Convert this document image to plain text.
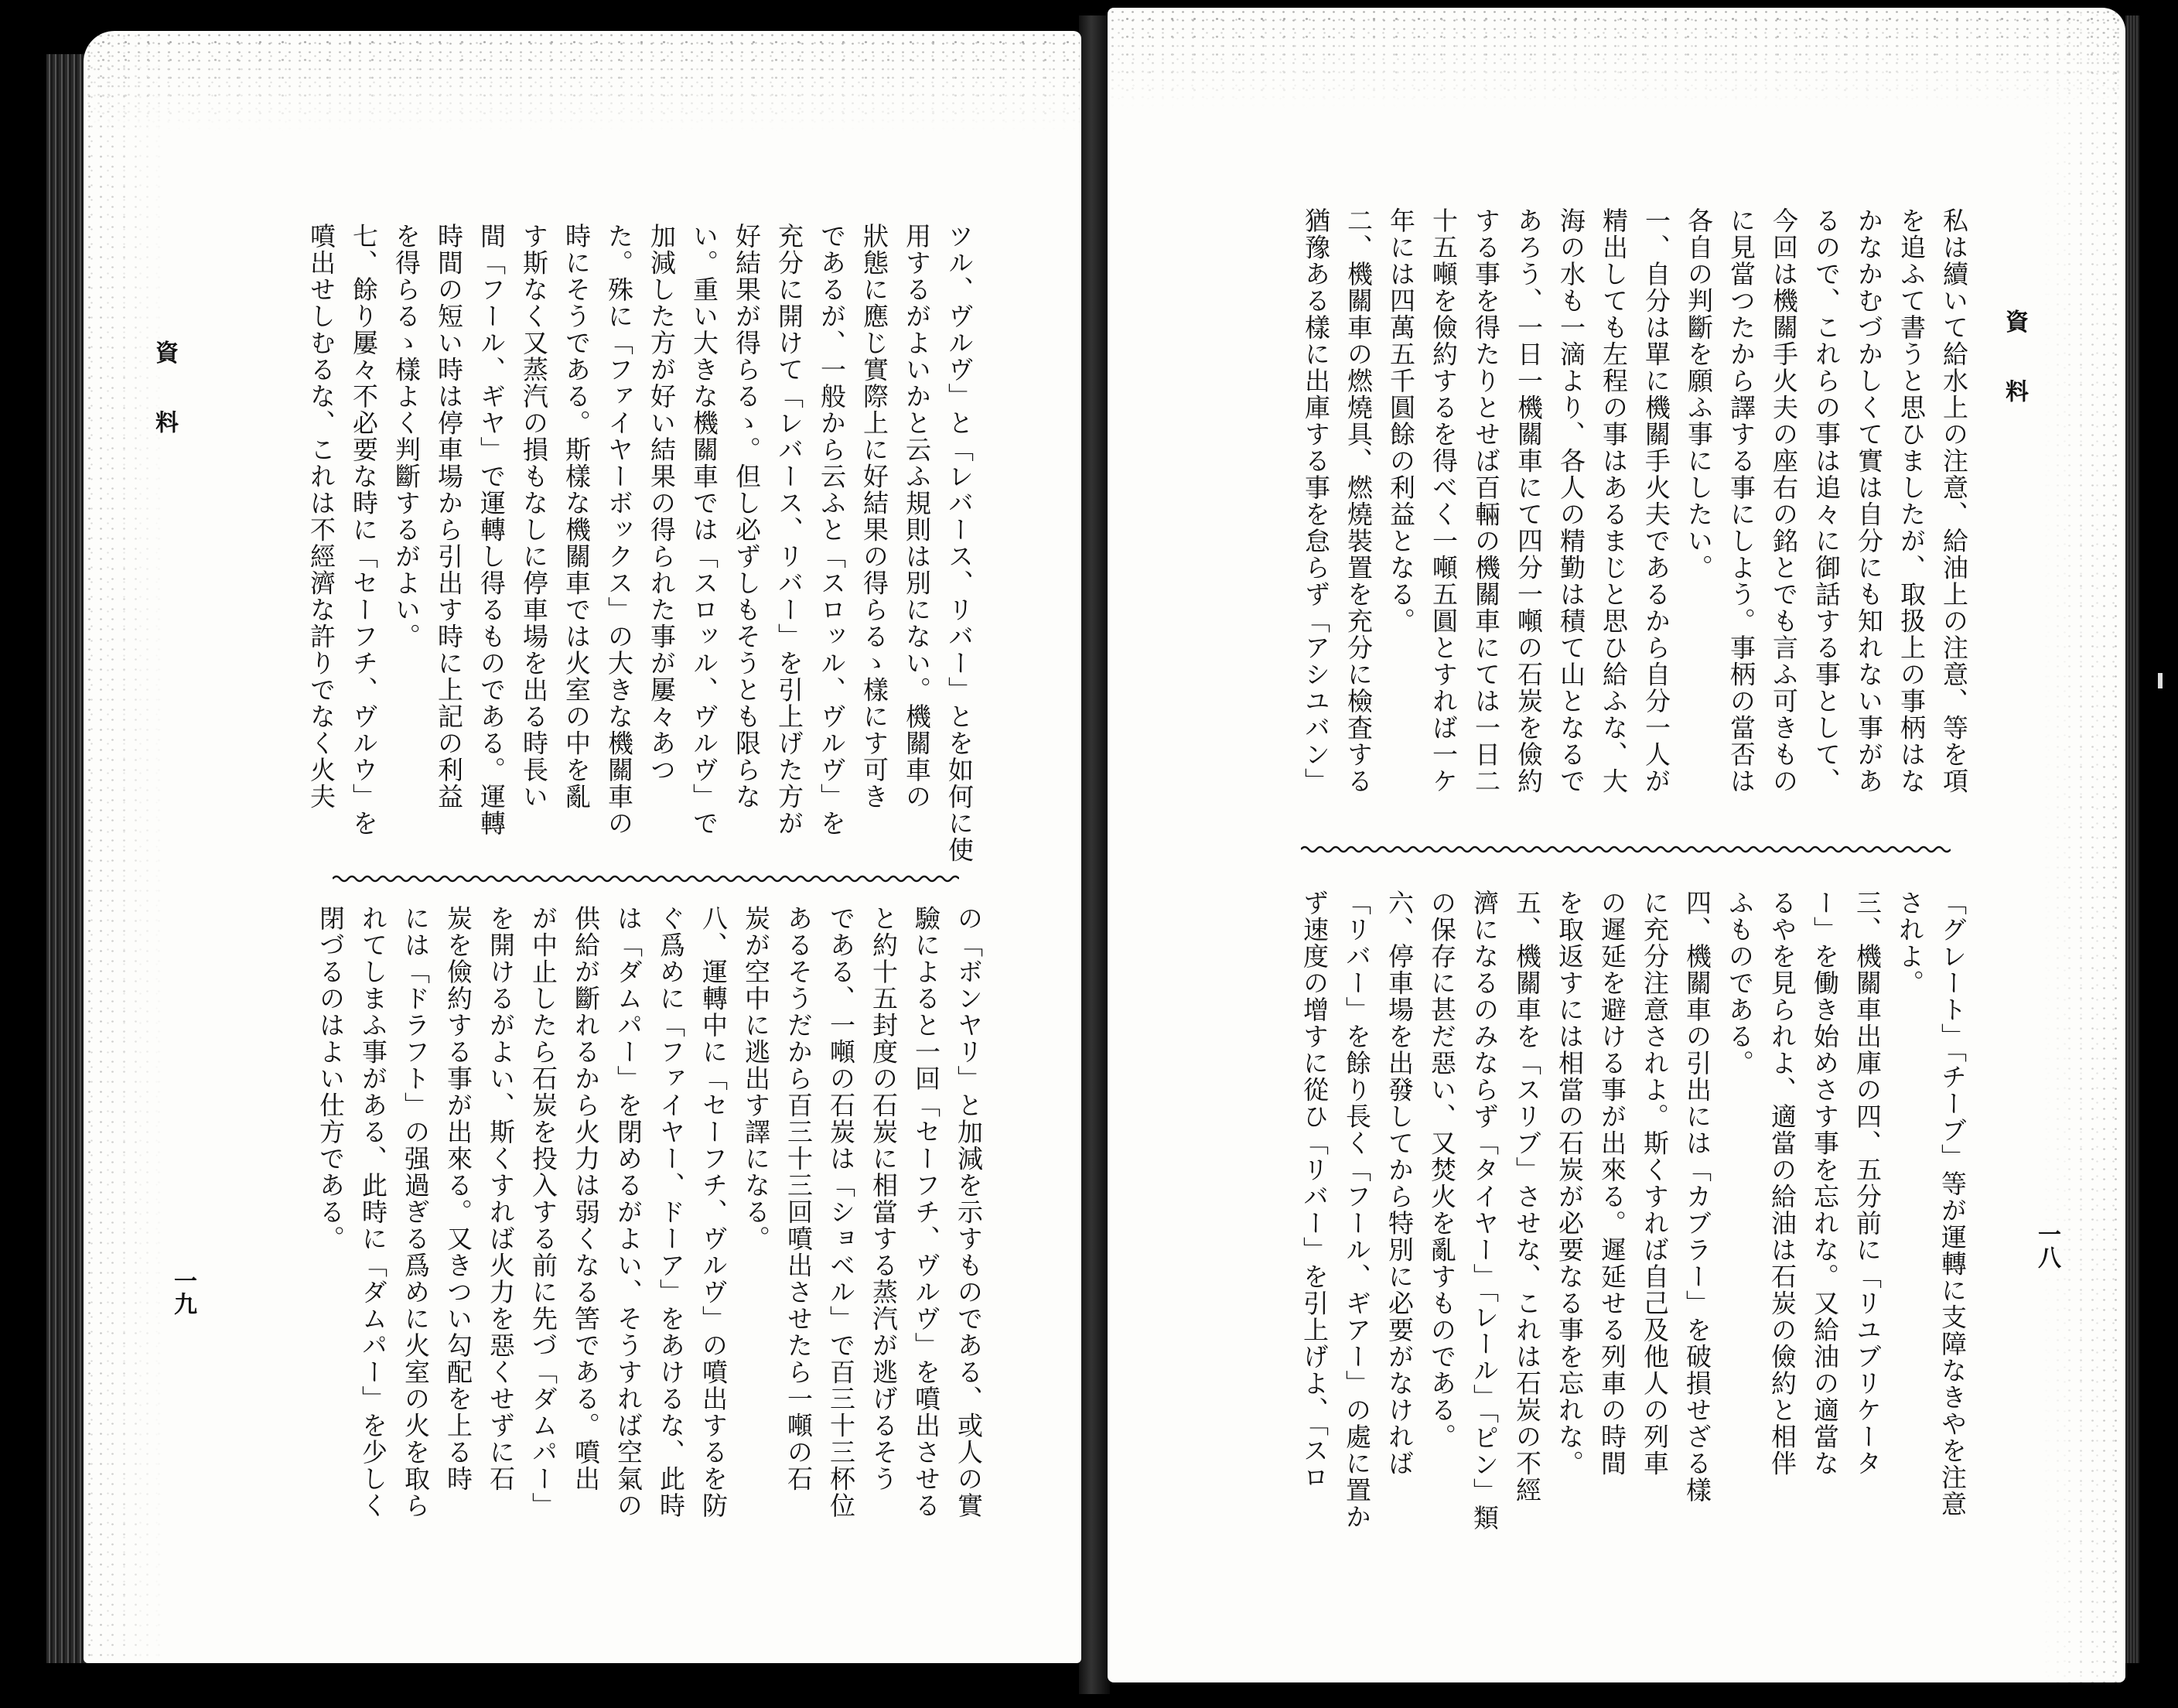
資料	ツル、ヴルヴ」と「レバース、リバー」とを如何に使
用するがよいかと云ふ規則は別にない。機關車の
狀態に應じ實際上に好結果の得らるゝ樣にす可き
であるが、一般から云ふと「スロッル、ヴルヴ」を
充分に開けて「レバース、リバー」を引上げた方が
好結果が得らるゝ。但し必ずしもそうとも限らな
い。重い大きな機關車では「スロッル、ヴルヴ」で
加減した方が好い結果の得られた事が屢々あつ
た。殊に「ファイヤーボックス」の大きな機關車の
時にそうである。斯樣な機關車では火室の中を亂
す斯なく又蒸汽の損もなしに停車場を出る時長い
間「フール、ギヤ」で運轉し得るものである。運轉
時間の短い時は停車場から引出す時に上記の利益
を得らるゝ樣よく判斷するがよい。
七、餘り屢々不必要な時に「セーフチ、ヴルウ」を
噴出せしむるな、これは不經濟な許りでなく火夫
の「ボンヤリ」と加減を示すものである、或人の實
驗によると一回「セーフチ、ヴルヴ」を噴出させる
と約十五封度の石炭に相當する蒸汽が逃げるそう
である、一噸の石炭は「ショベル」で百三十三杯位
あるそうだから百三十三回噴出させたら一噸の石
炭が空中に逃出す譯になる。
八、運轉中に「セーフチ、ヴルヴ」の噴出するを防
ぐ爲めに「ファイヤー、ドーア」をあけるな、此時
は「ダムパー」を閉めるがよい、そうすれば空氣の
供給が斷れるから火力は弱くなる筈である。噴出
が中止したら石炭を投入する前に先づ「ダムパー」
を開けるがよい、斯くすれば火力を惡くせずに石
炭を儉約する事が出來る。又きつい勾配を上る時
には「ドラフト」の强過ぎる爲めに火室の火を取ら
れてしまふ事がある、此時に「ダムパー」を少しく
閉づるのはよい仕方である。
一九
資料
私は續いて給水上の注意、給油上の注意、等を項
を追ふて書うと思ひましたが、取扱上の事柄はな
かなかむづかしくて實は自分にも知れない事があ
るので、これらの事は追々に御話する事として、
今回は機關手火夫の座右の銘とでも言ふ可きもの
に見當つたから譯する事にしよう。事柄の當否は
各自の判斷を願ふ事にしたい。
一、自分は單に機關手火夫であるから自分一人が
精出しても左程の事はあるまじと思ひ給ふな、大
海の水も一滴より、各人の精勤は積て山となるで
あろう、一日一機關車にて四分一噸の石炭を儉約
する事を得たりとせば百輛の機關車にては一日二
十五噸を儉約するを得べく一噸五圓とすれば一ケ
年には四萬五千圓餘の利益となる。
二、機關車の燃燒具、燃燒裝置を充分に檢査する
猶豫ある樣に出庫する事を怠らず「アシユバン」
「グレート」「チーブ」等が運轉に支障なきやを注意
されよ。
三、機關車出庫の四、五分前に「リユブリケータ
ー」を働き始めさす事を忘れな。又給油の適當な
るやを見られよ、適當の給油は石炭の儉約と相伴
ふものである。
四、機關車の引出には「カブラー」を破損せざる樣
に充分注意されよ。斯くすれば自己及他人の列車
の遲延を避ける事が出來る。遲延せる列車の時間
を取返すには相當の石炭が必要なる事を忘れな。
五、機關車を「スリブ」させな、これは石炭の不經
濟になるのみならず「タイヤー」「レール」「ピン」類
の保存に甚だ惡い、又焚火を亂すものである。
六、停車場を出發してから特別に必要がなければ
「リバー」を餘り長く「フール、ギアー」の處に置か
ず速度の增すに從ひ「リバー」を引上げよ、「スロ	一八
